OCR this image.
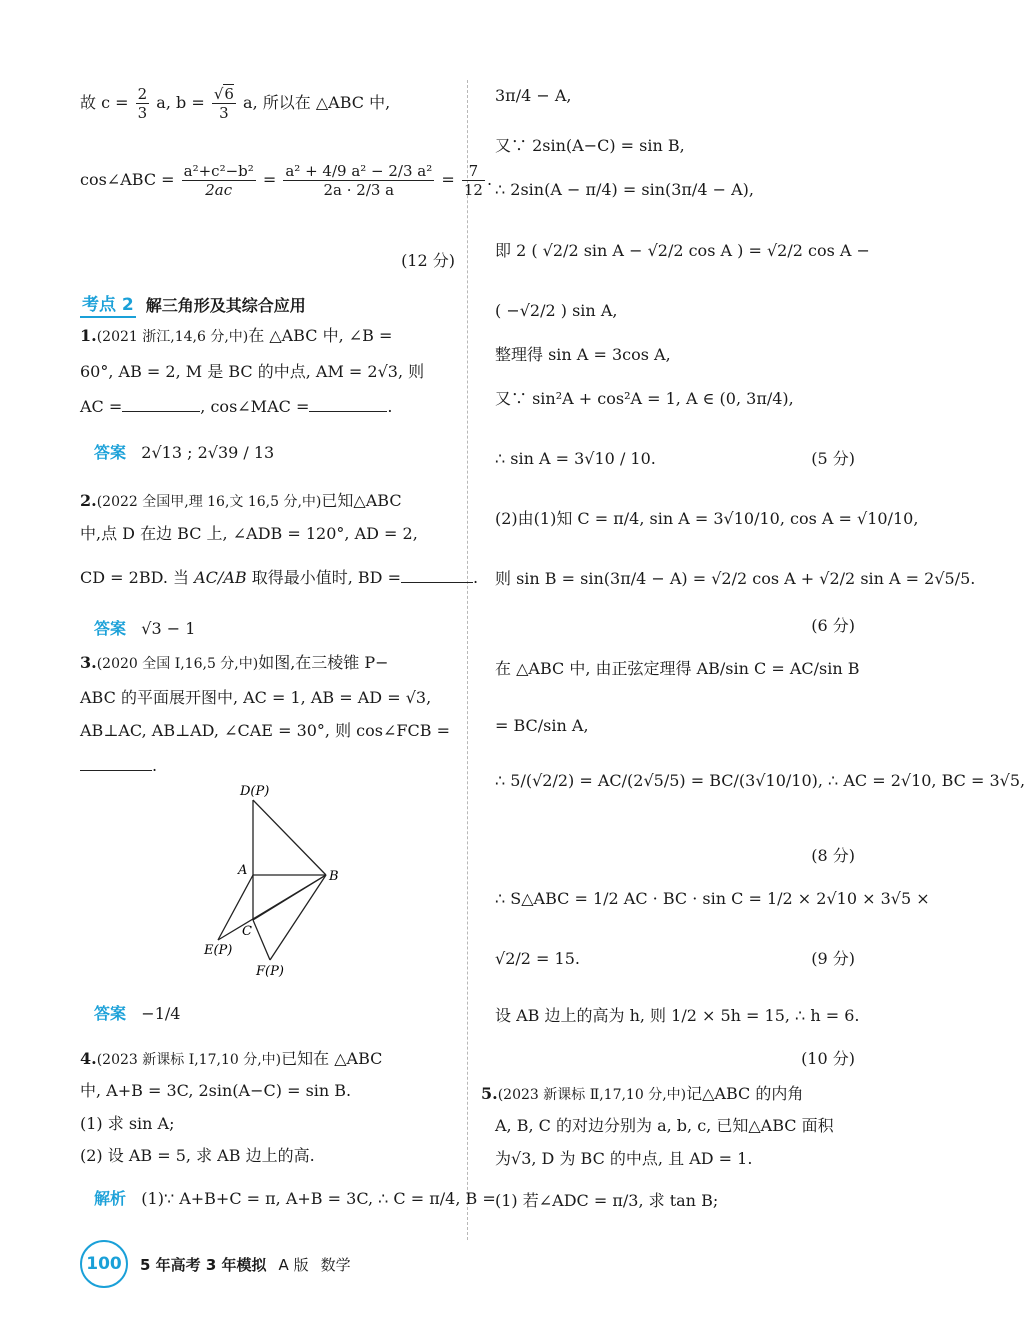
故 $c = \frac{2}{3} a$, $b = \frac{√6}{3} a$, 所以在 △ABC 中,
cos∠ABC = $\frac{\text{a²+c²−b²}}{2ac} = \frac{\text{a² + 4/9 a² − 2/3 a²}}{2a \cdot 2/3 a} = \frac{7}{12}$ .
(12 分)
考点 2 解三角形及其综合应用
1.(2021 浙江,14,6 分,中)在 △ABC 中, ∠B =
60°, AB = 2, M 是 BC 的中点, AM = 2√3, 则
AC =	, cos∠MAC =	.
答案 2√13 ; 2√39 / 13
2.(2022 全国甲,理 16,文 16,5 分,中)已知△ABC
中,点 D 在边 BC 上, ∠ADB = 120°, AD = 2,
CD = 2BD. 当 AC/AB 取得最小值时, BD =	.
答案 √3 − 1
3.(2020 全国 Ⅰ,16,5 分,中)如图,在三棱锥 P−
ABC 的平面展开图中, AC = 1, AB = AD = √3,
AB⊥AC, AB⊥AD, ∠CAE = 30°, 则 cos∠FCB =
.
D(P)
A	B
C
E(P)
F(P)
答案 −1/4
4.(2023 新课标 Ⅰ,17,10 分,中)已知在 △ABC
中, A+B = 3C, 2sin(A−C) = sin B.
(1) 求 sin A;
(2) 设 AB = 5, 求 AB 边上的高.
解析 (1)∵ A+B+C = π, A+B = 3C, ∴ C = π/4, B =
3π/4 − A,
又∵ 2sin(A−C) = sin B,
∴ 2sin(A − π/4) = sin(3π/4 − A),
即 2 ( √2/2 sin A − √2/2 cos A ) = √2/2 cos A −
( −√2/2 ) sin A,
整理得 sin A = 3cos A,
又∵ sin²A + cos²A = 1, A ∈ (0, 3π/4),
∴ sin A = 3√10 / 10.	(5 分)
(2)由(1)知 C = π/4, sin A = 3√10/10, cos A = √10/10,
则 sin B = sin(3π/4 − A) = √2/2 cos A + √2/2 sin A = 2√5/5.
(6 分)
在 △ABC 中, 由正弦定理得 AB/sin C = AC/sin B
= BC/sin A,
∴ 5/(√2/2) = AC/(2√5/5) = BC/(3√10/10), ∴ AC = 2√10, BC = 3√5,
(8 分)
∴ S△ABC = 1/2 AC · BC · sin C = 1/2 × 2√10 × 3√5 ×
√2/2 = 15.	(9 分)
设 AB 边上的高为 h, 则 1/2 × 5h = 15, ∴ h = 6.
(10 分)
5.(2023 新课标 Ⅱ,17,10 分,中)记△ABC 的内角
A, B, C 的对边分别为 a, b, c, 已知△ABC 面积
为√3, D 为 BC 的中点, 且 AD = 1.
(1) 若∠ADC = π/3, 求 tan B;
100	5 年高考 3 年模拟 A 版 数学
